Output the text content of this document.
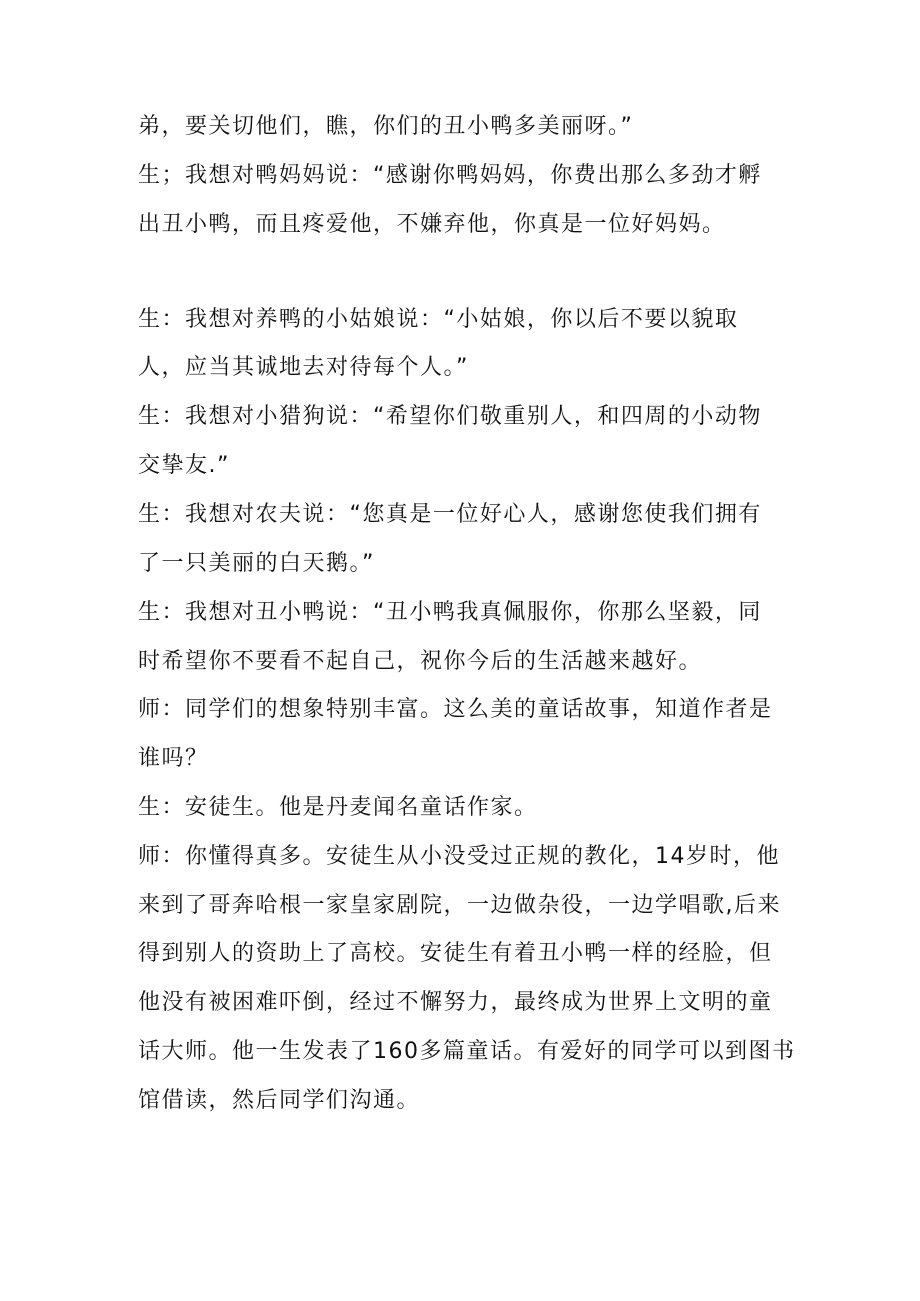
弟，要关切他们，瞧，你们的丑小鸭多美丽呀。”

生；我想对鸭妈妈说：“感谢你鸭妈妈，你费出那么多劲才孵

出丑小鸭，而且疼爱他，不嫌弃他，你真是一位好妈妈。

生：我想对养鸭的小姑娘说：“小姑娘，你以后不要以貌取

人，应当其诚地去对待每个人。”

生：我想对小猎狗说：“希望你们敬重别人，和四周的小动物

交挚友.”

生：我想对农夫说：“您真是一位好心人，感谢您使我们拥有

了一只美丽的白天鹅。”

生：我想对丑小鸭说：“丑小鸭我真佩服你，你那么坚毅，同

时希望你不要看不起自己，祝你今后的生活越来越好。

师：同学们的想象特别丰富。这么美的童话故事，知道作者是

谁吗？

生：安徒生。他是丹麦闻名童话作家。

师：你懂得真多。安徒生从小没受过正规的教化，14岁时，他

来到了哥奔哈根一家皇家剧院，一边做杂役，一边学唱歌,后来

得到别人的资助上了高校。安徒生有着丑小鸭一样的经脸，但

他没有被困难吓倒，经过不懈努力，最终成为世界上文明的童

话大师。他一生发表了160多篇童话。有爱好的同学可以到图书

馆借读，然后同学们沟通。
